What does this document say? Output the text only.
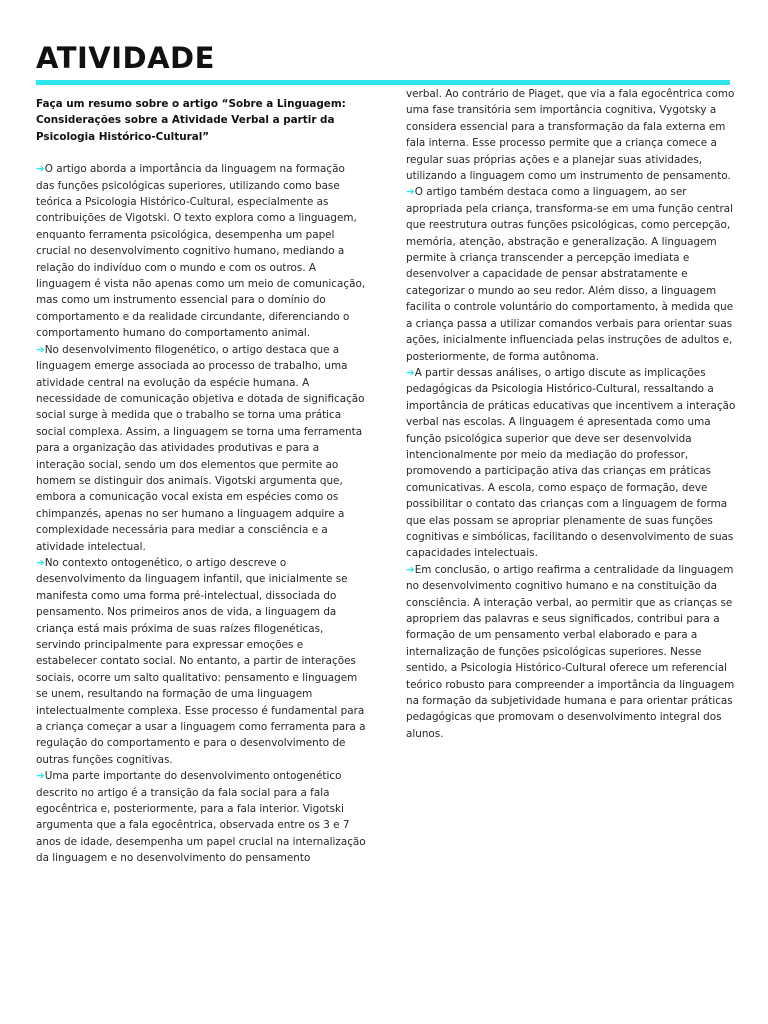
ATIVIDADE

Faça um resumo sobre o artigo “Sobre a Linguagem: Considerações sobre a Atividade Verbal a partir da Psicologia Histórico-Cultural”

➔O artigo aborda a importância da linguagem na formação das funções psicológicas superiores, utilizando como base teórica a Psicologia Histórico-Cultural, especialmente as contribuições de Vigotski. O texto explora como a linguagem, enquanto ferramenta psicológica, desempenha um papel crucial no desenvolvimento cognitivo humano, mediando a relação do indivíduo com o mundo e com os outros. A linguagem é vista não apenas como um meio de comunicação, mas como um instrumento essencial para o domínio do comportamento e da realidade circundante, diferenciando o comportamento humano do comportamento animal.

➔No desenvolvimento filogenético, o artigo destaca que a linguagem emerge associada ao processo de trabalho, uma atividade central na evolução da espécie humana. A necessidade de comunicação objetiva e dotada de significação social surge à medida que o trabalho se torna uma prática social complexa. Assim, a linguagem se torna uma ferramenta para a organização das atividades produtivas e para a interação social, sendo um dos elementos que permite ao homem se distinguir dos animais. Vigotski argumenta que, embora a comunicação vocal exista em espécies como os chimpanzés, apenas no ser humano a linguagem adquire a complexidade necessária para mediar a consciência e a atividade intelectual.

➔No contexto ontogenético, o artigo descreve o desenvolvimento da linguagem infantil, que inicialmente se manifesta como uma forma pré-intelectual, dissociada do pensamento. Nos primeiros anos de vida, a linguagem da criança está mais próxima de suas raízes filogenéticas, servindo principalmente para expressar emoções e estabelecer contato social. No entanto, a partir de interações sociais, ocorre um salto qualitativo: pensamento e linguagem se unem, resultando na formação de uma linguagem intelectualmente complexa. Esse processo é fundamental para a criança começar a usar a linguagem como ferramenta para a regulação do comportamento e para o desenvolvimento de outras funções cognitivas.

➔Uma parte importante do desenvolvimento ontogenético descrito no artigo é a transição da fala social para a fala egocêntrica e, posteriormente, para a fala interior. Vigotski argumenta que a fala egocêntrica, observada entre os 3 e 7 anos de idade, desempenha um papel crucial na internalização da linguagem e no desenvolvimento do pensamento

verbal. Ao contrário de Piaget, que via a fala egocêntrica como uma fase transitória sem importância cognitiva, Vygotsky a considera essencial para a transformação da fala externa em fala interna. Esse processo permite que a criança comece a regular suas próprias ações e a planejar suas atividades, utilizando a linguagem como um instrumento de pensamento.

➔O artigo também destaca como a linguagem, ao ser apropriada pela criança, transforma-se em uma função central que reestrutura outras funções psicológicas, como percepção, memória, atenção, abstração e generalização. A linguagem permite à criança transcender a percepção imediata e desenvolver a capacidade de pensar abstratamente e categorizar o mundo ao seu redor. Além disso, a linguagem facilita o controle voluntário do comportamento, à medida que a criança passa a utilizar comandos verbais para orientar suas ações, inicialmente influenciada pelas instruções de adultos e, posteriormente, de forma autônoma.

➔A partir dessas análises, o artigo discute as implicações pedagógicas da Psicologia Histórico-Cultural, ressaltando a importância de práticas educativas que incentivem a interação verbal nas escolas. A linguagem é apresentada como uma função psicológica superior que deve ser desenvolvida intencionalmente por meio da mediação do professor, promovendo a participação ativa das crianças em práticas comunicativas. A escola, como espaço de formação, deve possibilitar o contato das crianças com a linguagem de forma que elas possam se apropriar plenamente de suas funções cognitivas e simbólicas, facilitando o desenvolvimento de suas capacidades intelectuais.

➔Em conclusão, o artigo reafirma a centralidade da linguagem no desenvolvimento cognitivo humano e na constituição da consciência. A interação verbal, ao permitir que as crianças se apropriem das palavras e seus significados, contribui para a formação de um pensamento verbal elaborado e para a internalização de funções psicológicas superiores. Nesse sentido, a Psicologia Histórico-Cultural oferece um referencial teórico robusto para compreender a importância da linguagem na formação da subjetividade humana e para orientar práticas pedagógicas que promovam o desenvolvimento integral dos alunos.
